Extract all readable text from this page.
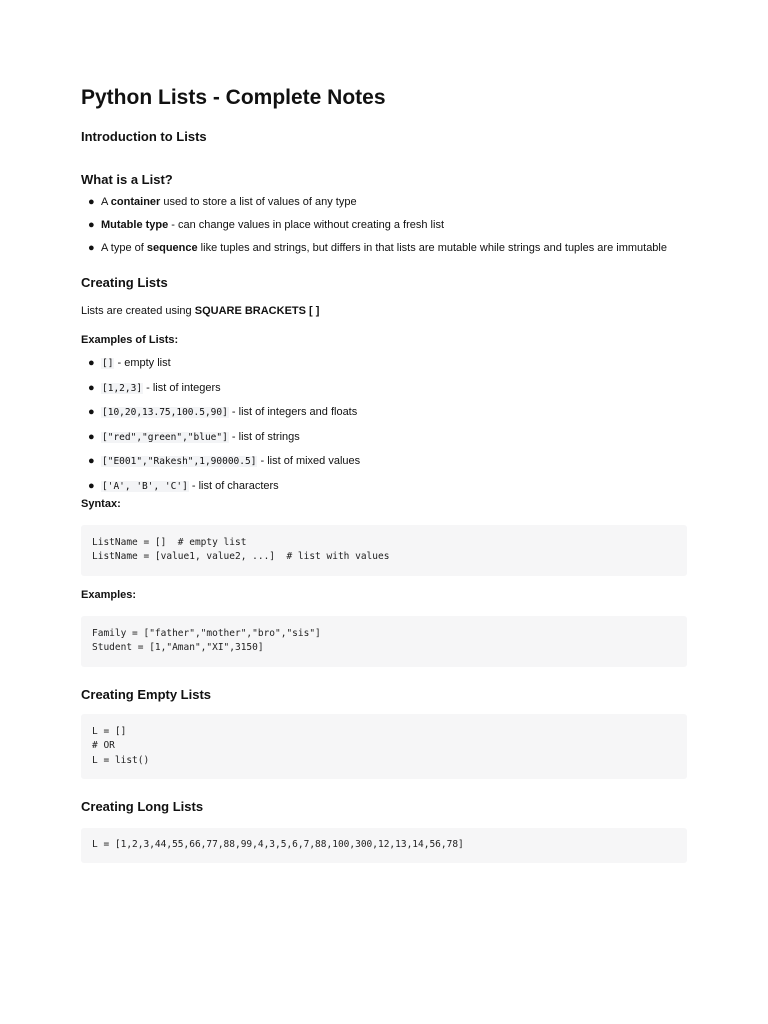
Python Lists - Complete Notes
Introduction to Lists
What is a List?
● A container used to store a list of values of any type
● Mutable type - can change values in place without creating a fresh list
● A type of sequence like tuples and strings, but differs in that lists are mutable while strings and tuples are immutable
Creating Lists

Lists are created using SQUARE BRACKETS [ ]

Examples of Lists:

● [] - empty list
● [1,2,3] - list of integers
● [10,20,13.75,100.5,90] - list of integers and floats
● ["red","green","blue"] - list of strings
● ["E001","Rakesh",1,90000.5] - list of mixed values
● ['A', 'B', 'C'] - list of characters

Syntax:

ListName = []  # empty list
ListName = [value1, value2, ...]  # list with values

Examples:

Family = ["father","mother","bro","sis"]
Student = [1,"Aman","XI",3150]
Creating Empty Lists
L = []
# OR
L = list()
Creating Long Lists
L = [1,2,3,44,55,66,77,88,99,4,3,5,6,7,88,100,300,12,13,14,56,78]
